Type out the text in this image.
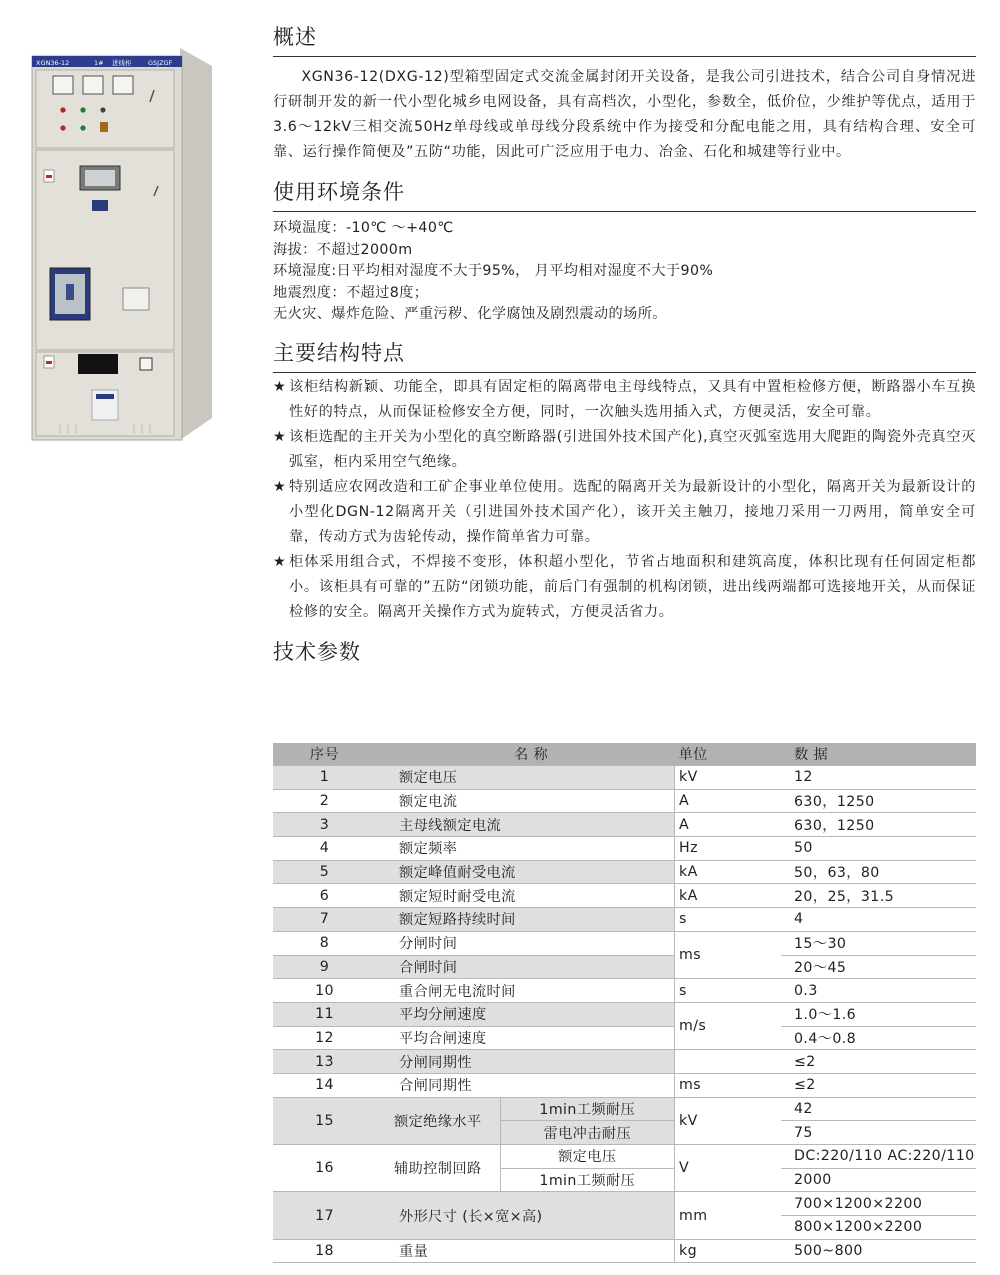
XGN36-12	1# 进线柜	GSJZGF
概述

XGN36-12(DXG-12)型箱型固定式交流金属封闭开关设备，是我公司引进技术，结合公司自身情况进行研制开发的新一代小型化城乡电网设备，具有高档次，小型化，参数全，低价位，少维护等优点，适用于3.6～12kV三相交流50Hz单母线或单母线分段系统中作为接受和分配电能之用，具有结构合理、安全可靠、运行操作简便及”五防“功能，因此可广泛应用于电力、冶金、石化和城建等行业中。

使用环境条件
环境温度：-10℃ ～+40℃
海拔：不超过2000m
环境湿度:日平均相对湿度不大于95%， 月平均相对湿度不大于90%
地震烈度：不超过8度；
无火灾、爆炸危险、严重污秽、化学腐蚀及剧烈震动的场所。
主要结构特点
★ 该柜结构新颖、功能全，即具有固定柜的隔离带电主母线特点，又具有中置柜检修方便，断路器小车互换性好的特点，从而保证检修安全方便，同时，一次触头选用插入式，方便灵活，安全可靠。
★ 该柜选配的主开关为小型化的真空断路器(引进国外技术国产化),真空灭弧室选用大爬距的陶瓷外壳真空灭弧室，柜内采用空气绝缘。
★ 特别适应农网改造和工矿企事业单位使用。选配的隔离开关为最新设计的小型化，隔离开关为最新设计的小型化DGN-12隔离开关（引进国外技术国产化），该开关主触刀，接地刀采用一刀两用，简单安全可靠，传动方式为齿轮传动，操作简单省力可靠。
★ 柜体采用组合式，不焊接不变形，体积超小型化，节省占地面积和建筑高度，体积比现有任何固定柜都小。该柜具有可靠的”五防“闭锁功能，前后门有强制的机构闭锁，进出线两端都可选接地开关，从而保证检修的安全。隔离开关操作方式为旋转式，方便灵活省力。
技术参数
序号	名 称		单位	数 据
1	额定电压		kV	12
2	额定电流		A	630，1250
3	主母线额定电流		A	630，1250
4	额定频率		Hz	50
5	额定峰值耐受电流		kA	50，63，80
6	额定短时耐受电流		kA	20，25，31.5
7	额定短路持续时间		s	4
8	分闸时间		ms	15～30
9	合闸时间			20～45
10	重合闸无电流时间		s	0.3
11	平均分闸速度		m/s	1.0～1.6
12	平均合闸速度			0.4～0.8
13	分闸同期性			≤2
14	合闸同期性		ms	≤2
15	额定绝缘水平	1min工频耐压	kV	42
		雷电冲击耐压		75
16	辅助控制回路	额定电压	V	DC:220/110 AC:220/110
		1min工频耐压		2000
17	外形尺寸 (长×宽×高)		mm	700×1200×2200
				800×1200×2200
18	重量		kg	500~800
